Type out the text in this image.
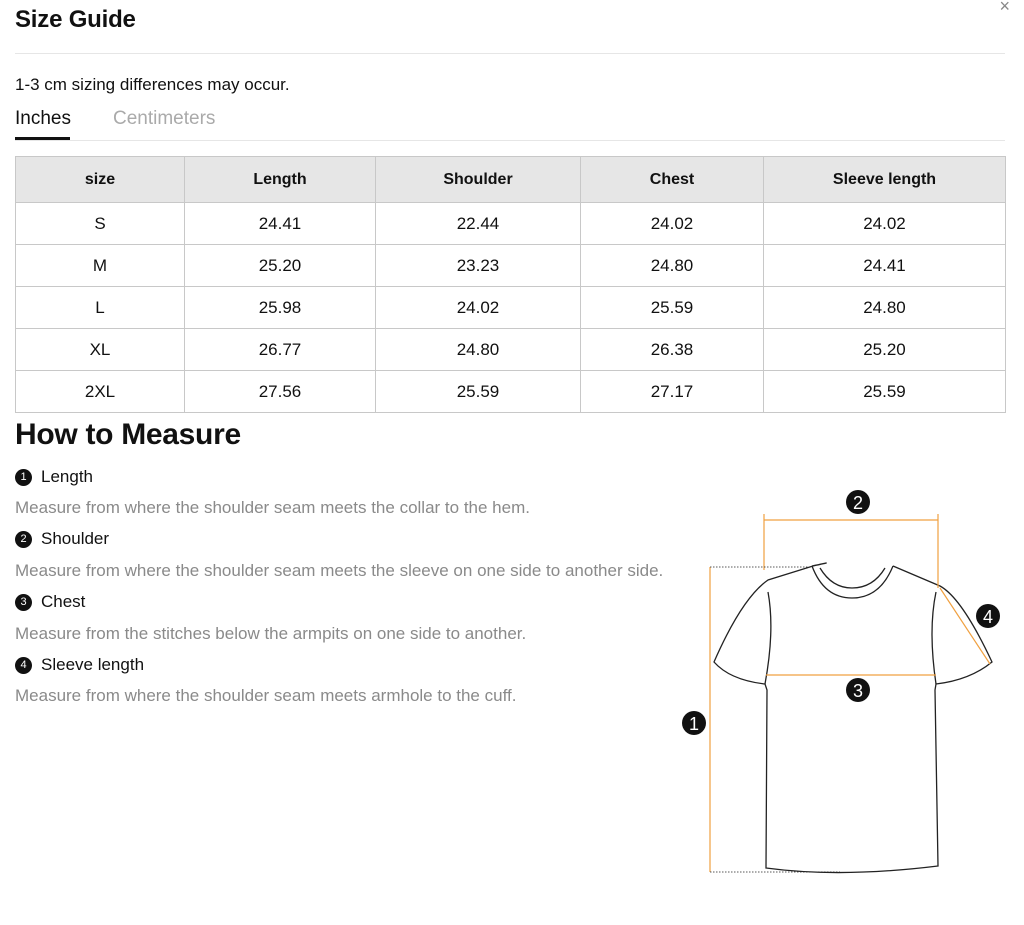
Size Guide	×
1-3 cm sizing differences may occur.
Inches Centimeters
size	Length	Shoulder	Chest	Sleeve length
S	24.41	22.44	24.02	24.02
M	25.20	23.23	24.80	24.41
L	25.98	24.02	25.59	24.80
XL	26.77	24.80	26.38	25.20
2XL	27.56	25.59	27.17	25.59
How to Measure
1 Length
Measure from where the shoulder seam meets the collar to the hem.
2 Shoulder
Measure from where the shoulder seam meets the sleeve on one side to another side.
3 Chest
Measure from the stitches below the armpits on one side to another.
4 Sleeve length
Measure from where the shoulder seam meets armhole to the cuff.
2
4
3
1
